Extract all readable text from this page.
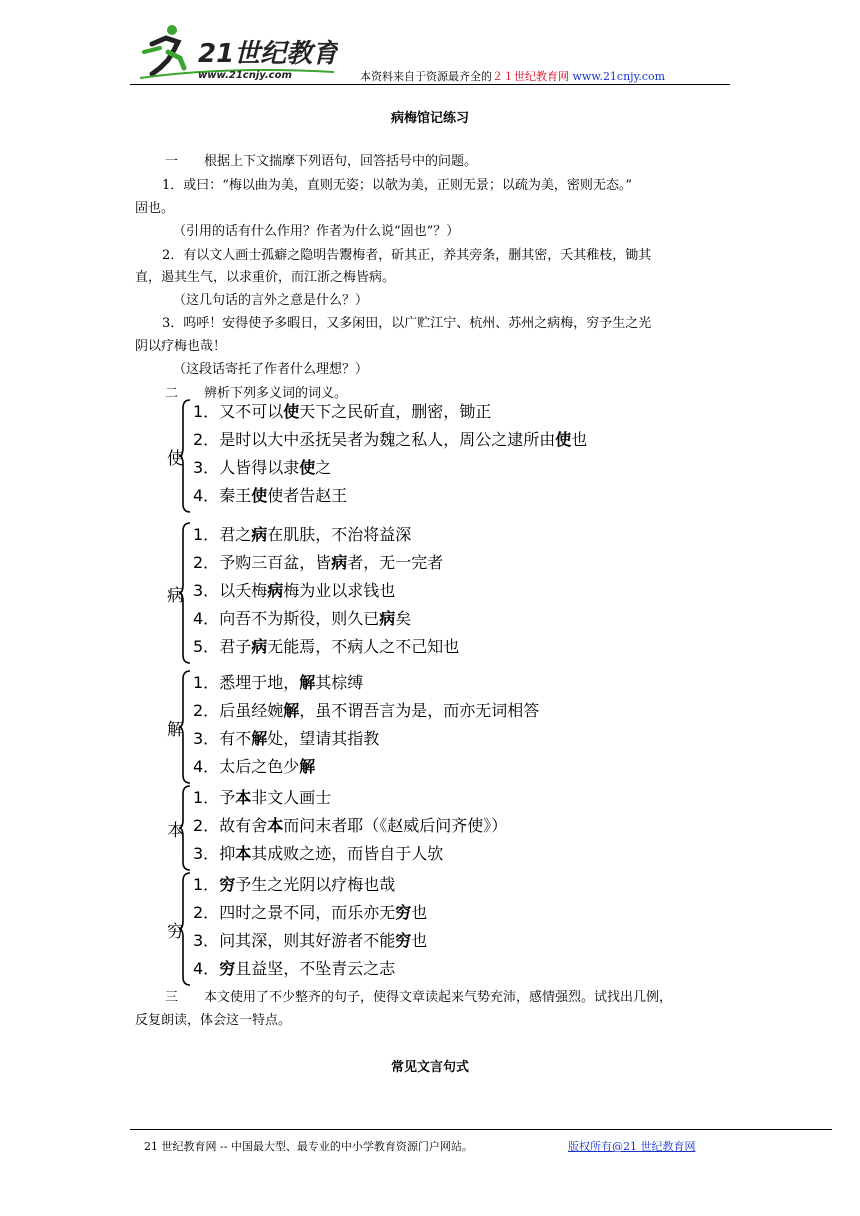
21世纪教育
www.21cnjy.com	本资料来自于资源最齐全的２１世纪教育网 www.21cnjy.com
病梅馆记练习
一　　根据上下文揣摩下列语句，回答括号中的问题。
1．或曰：“梅以曲为美，直则无姿；以欹为美，正则无景；以疏为美，密则无态。”
固也。
（引用的话有什么作用？作者为什么说“固也”？）
2．有以文人画士孤癖之隐明告鬻梅者，斫其正，养其旁条，删其密，夭其稚枝，锄其
直，遏其生气，以求重价，而江浙之梅皆病。
（这几句话的言外之意是什么？）
3．呜呼！安得使予多暇日，又多闲田，以广贮江宁、杭州、苏州之病梅，穷予生之光
阴以疗梅也哉！
（这段话寄托了作者什么理想？）
二　　辨析下列多义词的词义。
使
1．又不可以使天下之民斫直，删密，锄正
2．是时以大中丞抚吴者为魏之私人，周公之逮所由使也
3．人皆得以隶使之
4．秦王使使者告赵王
病
1．君之病在肌肤，不治将益深
2．予购三百盆，皆病者，无一完者
3．以夭梅病梅为业以求钱也
4．向吾不为斯役，则久已病矣
5．君子病无能焉，不病人之不己知也
解
1．悉埋于地，解其棕缚
2．后虽经婉解，虽不谓吾言为是，而亦无词相答
3．有不解处，望请其指教
4．太后之色少解
本
1．予本非文人画士
2．故有舍本而问末者耶（《赵威后问齐使》）
3．抑本其成败之迹，而皆自于人欤
穷
1．穷予生之光阴以疗梅也哉
2．四时之景不同，而乐亦无穷也
3．问其深，则其好游者不能穷也
4．穷且益坚，不坠青云之志
三　　本文使用了不少整齐的句子，使得文章读起来气势充沛，感情强烈。试找出几例，
反复朗读，体会这一特点。
常见文言句式
21 世纪教育网 -- 中国最大型、最专业的中小学教育资源门户网站。	版权所有@21 世纪教育网
